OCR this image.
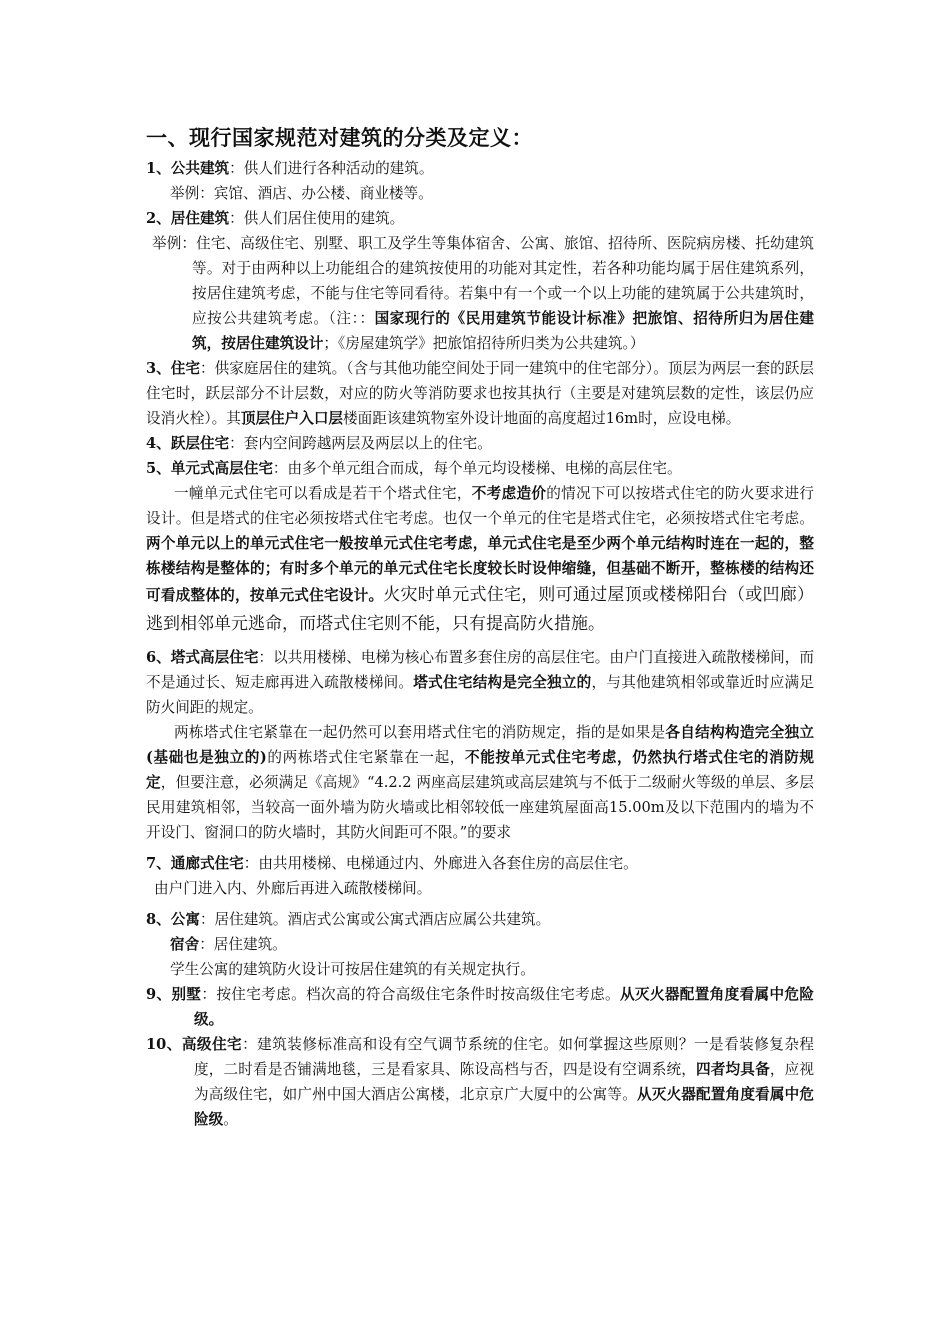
一、现行国家规范对建筑的分类及定义：

1、公共建筑：供人们进行各种活动的建筑。

举例：宾馆、酒店、办公楼、商业楼等。

2、居住建筑：供人们居住使用的建筑。

举例：住宅、高级住宅、别墅、职工及学生等集体宿舍、公寓、旅馆、招待所、医院病房楼、托幼建筑等。对于由两种以上功能组合的建筑按使用的功能对其定性，若各种功能均属于居住建筑系列，按居住建筑考虑，不能与住宅等同看待。若集中有一个或一个以上功能的建筑属于公共建筑时，应按公共建筑考虑。（注：：国家现行的《民用建筑节能设计标准》把旅馆、招待所归为居住建筑，按居住建筑设计；《房屋建筑学》把旅馆招待所归类为公共建筑。）

3、住宅：供家庭居住的建筑。（含与其他功能空间处于同一建筑中的住宅部分）。顶层为两层一套的跃层住宅时，跃层部分不计层数，对应的防火等消防要求也按其执行（主要是对建筑层数的定性，该层仍应设消火栓）。其顶层住户入口层楼面距该建筑物室外设计地面的高度超过16m时，应设电梯。

4、跃层住宅：套内空间跨越两层及两层以上的住宅。

5、单元式高层住宅：由多个单元组合而成，每个单元均设楼梯、电梯的高层住宅。

一幢单元式住宅可以看成是若干个塔式住宅，不考虑造价的情况下可以按塔式住宅的防火要求进行设计。但是塔式的住宅必须按塔式住宅考虑。也仅一个单元的住宅是塔式住宅，必须按塔式住宅考虑。两个单元以上的单元式住宅一般按单元式住宅考虑，单元式住宅是至少两个单元结构时连在一起的，整栋楼结构是整体的；有时多个单元的单元式住宅长度较长时设伸缩缝，但基础不断开，整栋楼的结构还可看成整体的，按单元式住宅设计。火灾时单元式住宅，则可通过屋顶或楼梯阳台（或凹廊）逃到相邻单元逃命，而塔式住宅则不能，只有提高防火措施。

6、塔式高层住宅：以共用楼梯、电梯为核心布置多套住房的高层住宅。由户门直接进入疏散楼梯间，而不是通过长、短走廊再进入疏散楼梯间。塔式住宅结构是完全独立的，与其他建筑相邻或靠近时应满足防火间距的规定。

两栋塔式住宅紧靠在一起仍然可以套用塔式住宅的消防规定，指的是如果是各自结构构造完全独立(基础也是独立的)的两栋塔式住宅紧靠在一起，不能按单元式住宅考虑，仍然执行塔式住宅的消防规定，但要注意，必须满足《高规》“4.2.2 两座高层建筑或高层建筑与不低于二级耐火等级的单层、多层民用建筑相邻，当较高一面外墙为防火墙或比相邻较低一座建筑屋面高15.00m及以下范围内的墙为不开设门、窗洞口的防火墙时，其防火间距可不限。”的要求

7、通廊式住宅：由共用楼梯、电梯通过内、外廊进入各套住房的高层住宅。

由户门进入内、外廊后再进入疏散楼梯间。

8、公寓：居住建筑。酒店式公寓或公寓式酒店应属公共建筑。

宿舍：居住建筑。

学生公寓的建筑防火设计可按居住建筑的有关规定执行。

9、别墅：按住宅考虑。档次高的符合高级住宅条件时按高级住宅考虑。从灭火器配置角度看属中危险级。

10、高级住宅：建筑装修标准高和设有空气调节系统的住宅。如何掌握这些原则？一是看装修复杂程度，二时看是否铺满地毯，三是看家具、陈设高档与否，四是设有空调系统，四者均具备，应视为高级住宅，如广州中国大酒店公寓楼，北京京广大厦中的公寓等。从灭火器配置角度看属中危险级。
